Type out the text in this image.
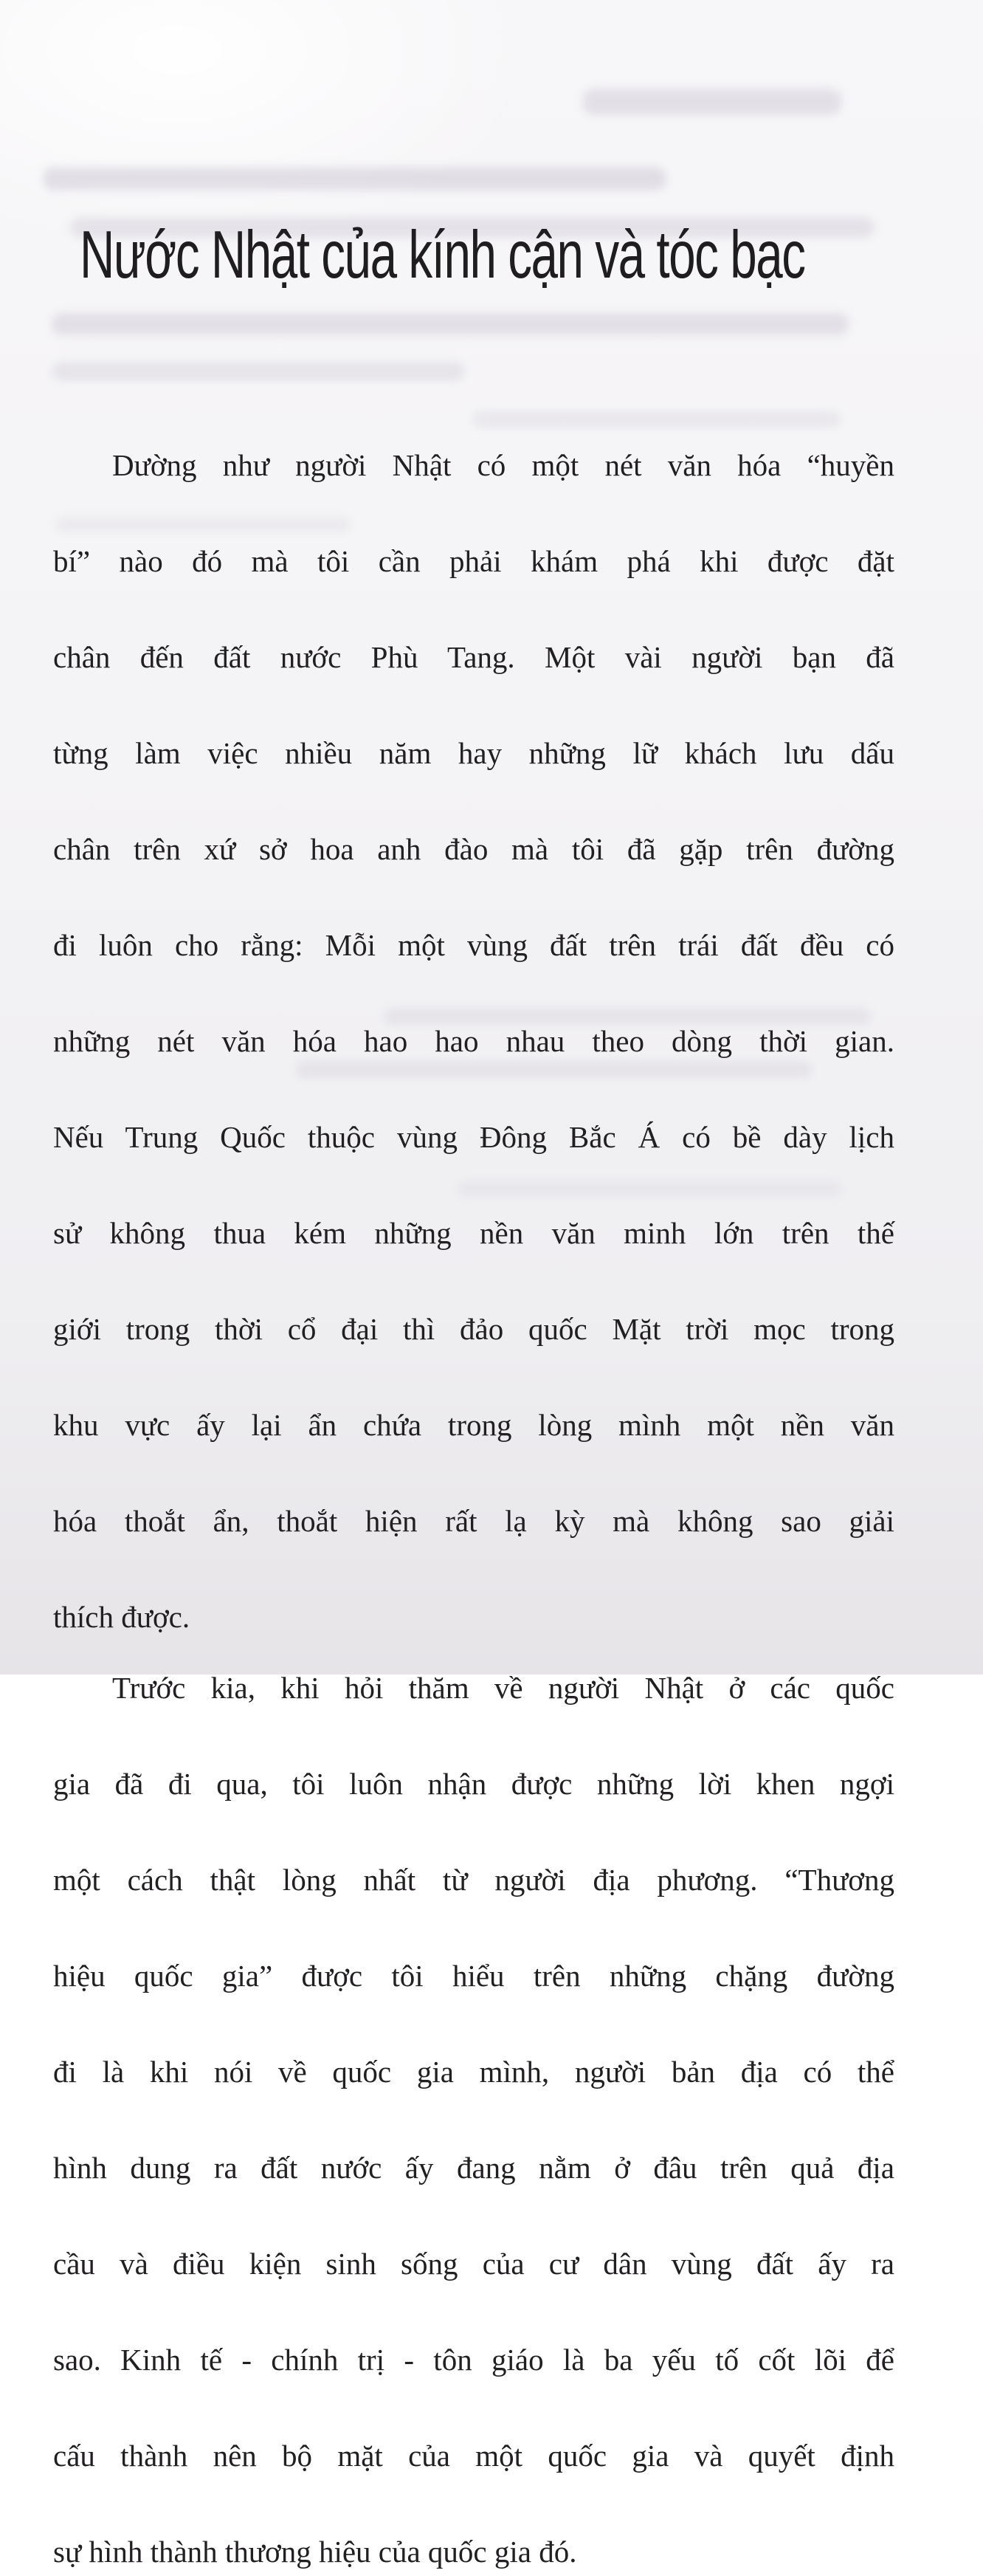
Nước Nhật của kính cận và tóc bạc
Dường như người Nhật có một nét văn hóa “huyền
bí” nào đó mà tôi cần phải khám phá khi được đặt
chân đến đất nước Phù Tang. Một vài người bạn đã
từng làm việc nhiều năm hay những lữ khách lưu dấu
chân trên xứ sở hoa anh đào mà tôi đã gặp trên đường
đi luôn cho rằng: Mỗi một vùng đất trên trái đất đều có
những nét văn hóa hao hao nhau theo dòng thời gian.
Nếu Trung Quốc thuộc vùng Đông Bắc Á có bề dày lịch
sử không thua kém những nền văn minh lớn trên thế
giới trong thời cổ đại thì đảo quốc Mặt trời mọc trong
khu vực ấy lại ẩn chứa trong lòng mình một nền văn
hóa thoắt ẩn, thoắt hiện rất lạ kỳ mà không sao giải
thích được.
Trước kia, khi hỏi thăm về người Nhật ở các quốc
gia đã đi qua, tôi luôn nhận được những lời khen ngợi
một cách thật lòng nhất từ người địa phương. “Thương
hiệu quốc gia” được tôi hiểu trên những chặng đường
đi là khi nói về quốc gia mình, người bản địa có thể
hình dung ra đất nước ấy đang nằm ở đâu trên quả địa
cầu và điều kiện sinh sống của cư dân vùng đất ấy ra
sao. Kinh tế - chính trị - tôn giáo là ba yếu tố cốt lõi để
cấu thành nên bộ mặt của một quốc gia và quyết định
sự hình thành thương hiệu của quốc gia đó.
